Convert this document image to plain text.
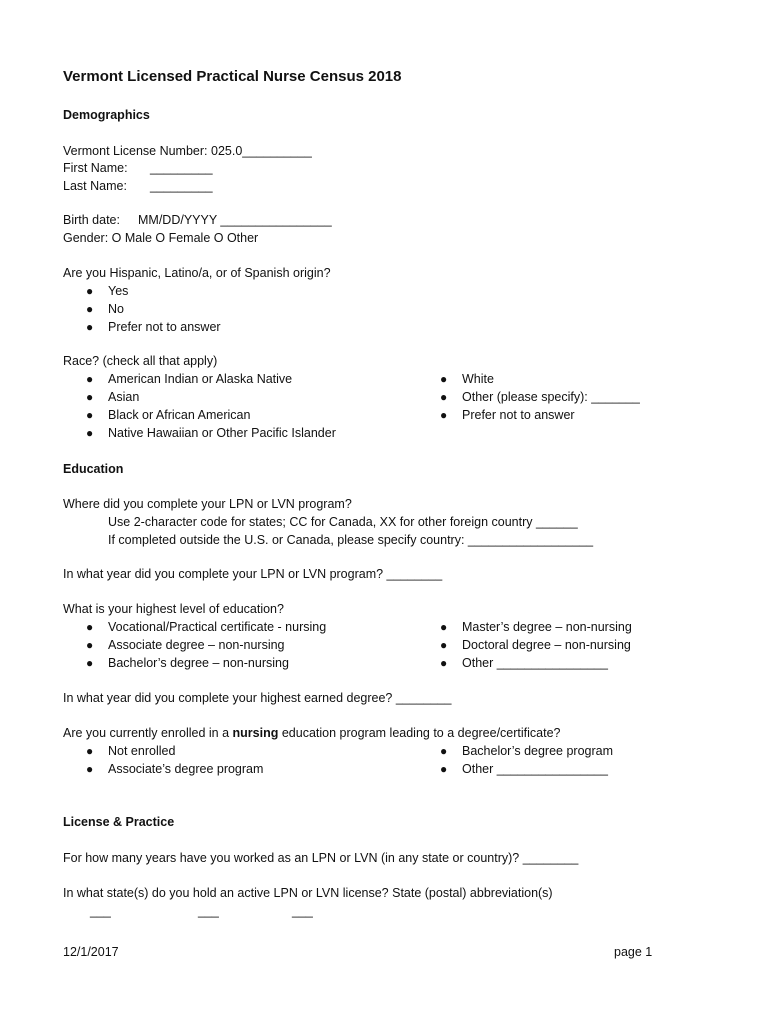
Vermont Licensed Practical Nurse Census 2018
Demographics
Vermont License Number: 025.0__________
First Name: _________
Last Name: _________
Birth date: MM/DD/YYYY ________________
Gender: O Male O Female O Other
Are you Hispanic, Latino/a, or of Spanish origin?
● Yes
● No
● Prefer not to answer
Race? (check all that apply)
● American Indian or Alaska Native
● Asian
● Black or African American
● Native Hawaiian or Other Pacific Islander
● White
● Other (please specify): _______
● Prefer not to answer
Education
Where did you complete your LPN or LVN program?
Use 2-character code for states; CC for Canada, XX for other foreign country ______
If completed outside the U.S. or Canada, please specify country: __________________
In what year did you complete your LPN or LVN program? ________
What is your highest level of education?
● Vocational/Practical certificate - nursing
● Associate degree – non-nursing
● Bachelor’s degree – non-nursing
● Master’s degree – non-nursing
● Doctoral degree – non-nursing
● Other ________________
In what year did you complete your highest earned degree? ________
Are you currently enrolled in a nursing education program leading to a degree/certificate?
● Not enrolled
● Associate’s degree program
● Bachelor’s degree program
● Other ________________
License & Practice
For how many years have you worked as an LPN or LVN (in any state or country)? ________
In what state(s) do you hold an active LPN or LVN license? State (postal) abbreviation(s)
___	___	___
12/1/2017	page 1
